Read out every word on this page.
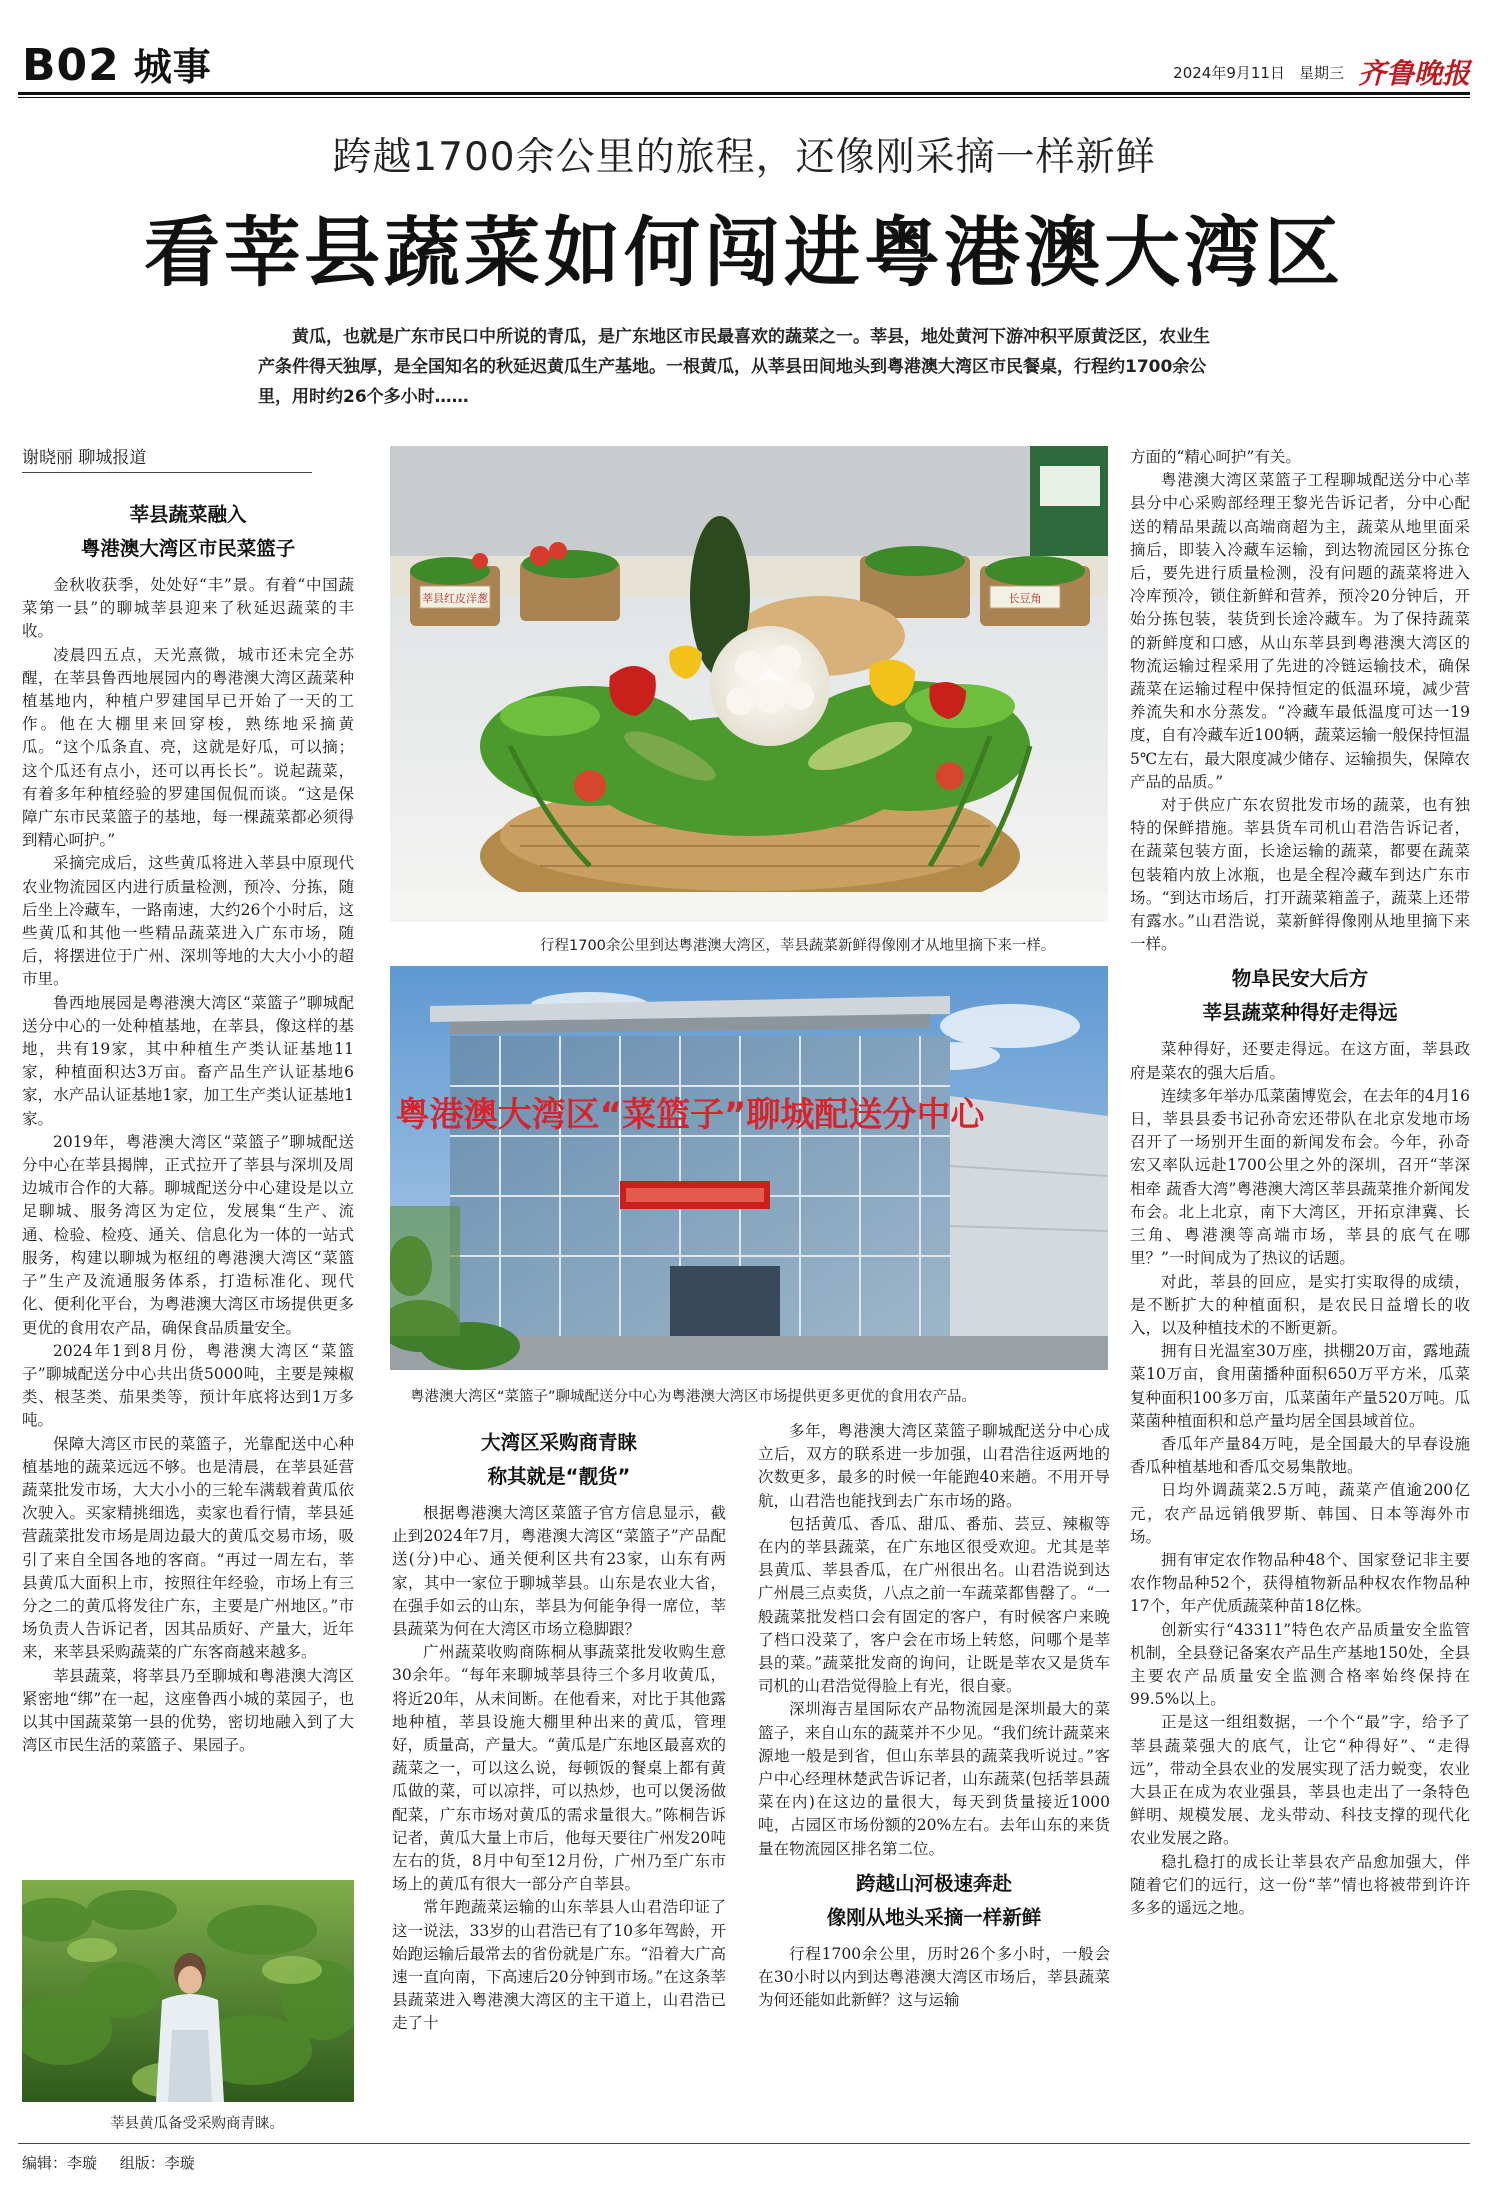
B02 城事	2024年9月11日 星期三 齐鲁晚报
跨越1700余公里的旅程，还像刚采摘一样新鲜
看莘县蔬菜如何闯进粤港澳大湾区
黄瓜，也就是广东市民口中所说的青瓜，是广东地区市民最喜欢的蔬菜之一。莘县，地处黄河下游冲积平原黄泛区，农业生产条件得天独厚，是全国知名的秋延迟黄瓜生产基地。一根黄瓜，从莘县田间地头到粤港澳大湾区市民餐桌，行程约1700余公里，用时约26个多小时……
谢晓丽 聊城报道
莘县蔬菜融入
粤港澳大湾区市民菜篮子

金秋收获季，处处好“丰”景。有着“中国蔬菜第一县”的聊城莘县迎来了秋延迟蔬菜的丰收。

凌晨四五点，天光熹微，城市还未完全苏醒，在莘县鲁西地展园内的粤港澳大湾区蔬菜种植基地内，种植户罗建国早已开始了一天的工作。他在大棚里来回穿梭，熟练地采摘黄瓜。“这个瓜条直、亮，这就是好瓜，可以摘；这个瓜还有点小，还可以再长长”。说起蔬菜，有着多年种植经验的罗建国侃侃而谈。“这是保障广东市民菜篮子的基地，每一棵蔬菜都必须得到精心呵护。”

采摘完成后，这些黄瓜将进入莘县中原现代农业物流园区内进行质量检测，预冷、分拣，随后坐上冷藏车，一路南速，大约26个小时后，这些黄瓜和其他一些精品蔬菜进入广东市场，随后，将摆进位于广州、深圳等地的大大小小的超市里。

鲁西地展园是粤港澳大湾区“菜篮子”聊城配送分中心的一处种植基地，在莘县，像这样的基地，共有19家，其中种植生产类认证基地11家，种植面积达3万亩。畜产品生产认证基地6家，水产品认证基地1家，加工生产类认证基地1家。

2019年，粤港澳大湾区“菜篮子”聊城配送分中心在莘县揭牌，正式拉开了莘县与深圳及周边城市合作的大幕。聊城配送分中心建设是以立足聊城、服务湾区为定位，发展集“生产、流通、检验、检疫、通关、信息化为一体的一站式服务，构建以聊城为枢纽的粤港澳大湾区“菜篮子”生产及流通服务体系，打造标准化、现代化、便利化平台，为粤港澳大湾区市场提供更多更优的食用农产品，确保食品质量安全。

2024年1到8月份，粤港澳大湾区“菜篮子”聊城配送分中心共出货5000吨，主要是辣椒类、根茎类、茄果类等，预计年底将达到1万多吨。

保障大湾区市民的菜篮子，光靠配送中心种植基地的蔬菜远远不够。也是清晨，在莘县延营蔬菜批发市场，大大小小的三轮车满载着黄瓜依次驶入。买家精挑细选，卖家也看行情，莘县延营蔬菜批发市场是周边最大的黄瓜交易市场，吸引了来自全国各地的客商。“再过一周左右，莘县黄瓜大面积上市，按照往年经验，市场上有三分之二的黄瓜将发往广东，主要是广州地区。”市场负责人告诉记者，因其品质好、产量大，近年来，来莘县采购蔬菜的广东客商越来越多。

莘县蔬菜，将莘县乃至聊城和粤港澳大湾区紧密地“绑”在一起，这座鲁西小城的菜园子，也以其中国蔬菜第一县的优势，密切地融入到了大湾区市民生活的菜篮子、果园子。

莘县黄瓜备受采购商青睐。
莘县红皮洋葱	长豆角
行程1700余公里到达粤港澳大湾区，莘县蔬菜新鲜得像刚才从地里摘下来一样。
粤港澳大湾区“菜篮子”聊城配送分中心
粤港澳大湾区“菜篮子”聊城配送分中心为粤港澳大湾区市场提供更多更优的食用农产品。
大湾区采购商青睐
称其就是“靓货”

根据粤港澳大湾区菜篮子官方信息显示，截止到2024年7月，粤港澳大湾区“菜篮子”产品配送(分)中心、通关便利区共有23家，山东有两家，其中一家位于聊城莘县。山东是农业大省，在强手如云的山东，莘县为何能争得一席位，莘县蔬菜为何在大湾区市场立稳脚跟？

广州蔬菜收购商陈桐从事蔬菜批发收购生意30余年。“每年来聊城莘县待三个多月收黄瓜，将近20年，从未间断。在他看来，对比于其他露地种植，莘县设施大棚里种出来的黄瓜，管理好，质量高，产量大。“黄瓜是广东地区最喜欢的蔬菜之一，可以这么说，每顿饭的餐桌上都有黄瓜做的菜，可以凉拌，可以热炒，也可以煲汤做配菜，广东市场对黄瓜的需求量很大。”陈桐告诉记者，黄瓜大量上市后，他每天要往广州发20吨左右的货，8月中旬至12月份，广州乃至广东市场上的黄瓜有很大一部分产自莘县。

常年跑蔬菜运输的山东莘县人山君浩印证了这一说法，33岁的山君浩已有了10多年驾龄，开始跑运输后最常去的省份就是广东。“沿着大广高速一直向南，下高速后20分钟到市场。”在这条莘县蔬菜进入粤港澳大湾区的主干道上，山君浩已走了十

多年，粤港澳大湾区菜篮子聊城配送分中心成立后，双方的联系进一步加强，山君浩往返两地的次数更多，最多的时候一年能跑40来趟。不用开导航，山君浩也能找到去广东市场的路。

包括黄瓜、香瓜、甜瓜、番茄、芸豆、辣椒等在内的莘县蔬菜，在广东地区很受欢迎。尤其是莘县黄瓜、莘县香瓜，在广州很出名。山君浩说到达广州晨三点卖货，八点之前一车蔬菜都售罄了。“一般蔬菜批发档口会有固定的客户，有时候客户来晚了档口没菜了，客户会在市场上转悠，问哪个是莘县的菜。”蔬菜批发商的询问，让既是莘农又是货车司机的山君浩觉得脸上有光，很自豪。

深圳海吉星国际农产品物流园是深圳最大的菜篮子，来自山东的蔬菜并不少见。“我们统计蔬菜来源地一般是到省，但山东莘县的蔬菜我听说过。”客户中心经理林楚武告诉记者，山东蔬菜(包括莘县蔬菜在内)在这边的量很大，每天到货量接近1000吨，占园区市场份额的20%左右。去年山东的来货量在物流园区排名第二位。

跨越山河极速奔赴
像刚从地头采摘一样新鲜

行程1700余公里，历时26个多小时，一般会在30小时以内到达粤港澳大湾区市场后，莘县蔬菜为何还能如此新鲜？这与运输

方面的“精心呵护”有关。

粤港澳大湾区菜篮子工程聊城配送分中心莘县分中心采购部经理王黎光告诉记者，分中心配送的精品果蔬以高端商超为主，蔬菜从地里面采摘后，即装入冷藏车运输，到达物流园区分拣仓后，要先进行质量检测，没有问题的蔬菜将进入冷库预冷，锁住新鲜和营养，预冷20分钟后，开始分拣包装，装货到长途冷藏车。为了保持蔬菜的新鲜度和口感，从山东莘县到粤港澳大湾区的物流运输过程采用了先进的冷链运输技术，确保蔬菜在运输过程中保持恒定的低温环境，减少营养流失和水分蒸发。“冷藏车最低温度可达一19度，自有冷藏车近100辆，蔬菜运输一般保持恒温5℃左右，最大限度减少储存、运输损失，保障农产品的品质。”

对于供应广东农贸批发市场的蔬菜，也有独特的保鲜措施。莘县货车司机山君浩告诉记者，在蔬菜包装方面，长途运输的蔬菜，都要在蔬菜包装箱内放上冰瓶，也是全程冷藏车到达广东市场。“到达市场后，打开蔬菜箱盖子，蔬菜上还带有露水。”山君浩说，菜新鲜得像刚从地里摘下来一样。

物阜民安大后方
莘县蔬菜种得好走得远

菜种得好，还要走得远。在这方面，莘县政府是菜农的强大后盾。

连续多年举办瓜菜菌博览会，在去年的4月16日，莘县县委书记孙奇宏还带队在北京发地市场召开了一场别开生面的新闻发布会。今年，孙奇宏又率队远赴1700公里之外的深圳，召开“莘深相牵 蔬香大湾”粤港澳大湾区莘县蔬菜推介新闻发布会。北上北京，南下大湾区，开拓京津冀、长三角、粤港澳等高端市场，莘县的底气在哪里？”一时间成为了热议的话题。

对此，莘县的回应，是实打实取得的成绩，是不断扩大的种植面积，是农民日益增长的收入，以及种植技术的不断更新。

拥有日光温室30万座，拱棚20万亩，露地蔬菜10万亩，食用菌播种面积650万平方米，瓜菜复种面积100多万亩，瓜菜菌年产量520万吨。瓜菜菌种植面积和总产量均居全国县域首位。

香瓜年产量84万吨，是全国最大的早春设施香瓜种植基地和香瓜交易集散地。

日均外调蔬菜2.5万吨，蔬菜产值逾200亿元，农产品远销俄罗斯、韩国、日本等海外市场。

拥有审定农作物品种48个、国家登记非主要农作物品种52个，获得植物新品种权农作物品种17个，年产优质蔬菜种苗18亿株。

创新实行“43311”特色农产品质量安全监管机制，全县登记备案农产品生产基地150处，全县主要农产品质量安全监测合格率始终保持在99.5%以上。

正是这一组组数据，一个个“最”字，给予了莘县蔬菜强大的底气，让它“种得好”、“走得远”，带动全县农业的发展实现了活力蜕变，农业大县正在成为农业强县，莘县也走出了一条特色鲜明、规模发展、龙头带动、科技支撑的现代化农业发展之路。

稳扎稳打的成长让莘县农产品愈加强大，伴随着它们的远行，这一份“莘”情也将被带到许许多多的遥远之地。

编辑：李璇 组版：李璇
